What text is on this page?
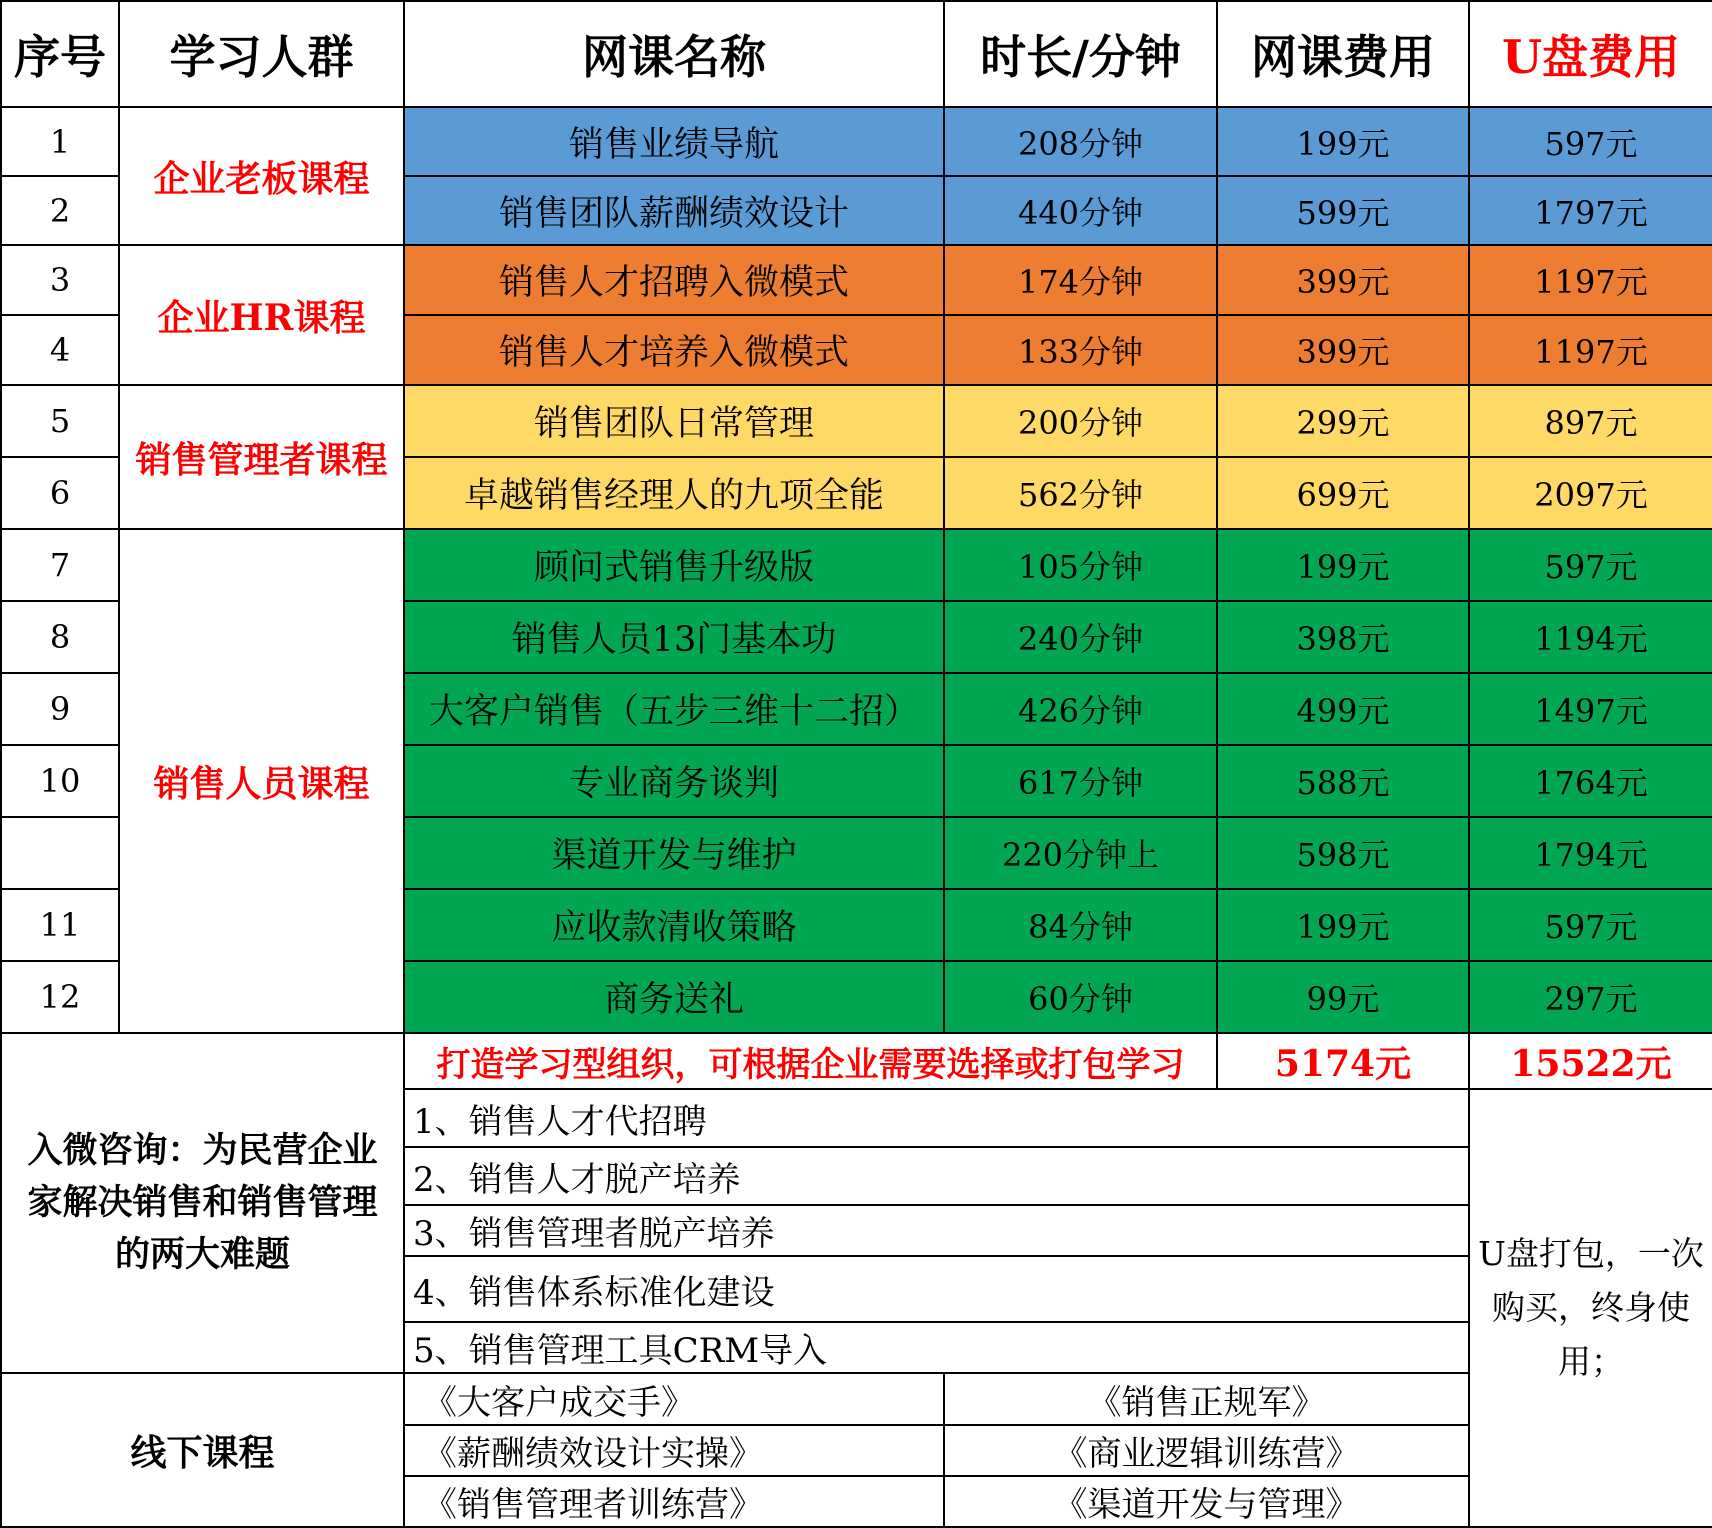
序号	学习人群	网课名称	时长/分钟	网课费用	U盘费用
1	企业老板课程	销售业绩导航	208分钟	199元	597元
2		销售团队薪酬绩效设计	440分钟	599元	1797元
3	企业HR课程	销售人才招聘入微模式	174分钟	399元	1197元
4		销售人才培养入微模式	133分钟	399元	1197元
5	销售管理者课程	销售团队日常管理	200分钟	299元	897元
6		卓越销售经理人的九项全能	562分钟	699元	2097元
7	销售人员课程	顾问式销售升级版	105分钟	199元	597元
8		销售人员13门基本功	240分钟	398元	1194元
9		大客户销售（五步三维十二招）	426分钟	499元	1497元
10		专业商务谈判	617分钟	588元	1764元
		渠道开发与维护	220分钟上	598元	1794元
11		应收款清收策略	84分钟	199元	597元
12		商务送礼	60分钟	99元	297元
入微咨询：为民营企业家解决销售和销售管理的两大难题		打造学习型组织，可根据企业需要选择或打包学习		5174元	15522元
		1、销售人才代招聘			U盘打包，一次购买，终身使用；
		2、销售人才脱产培养			
		3、销售管理者脱产培养			
		4、销售体系标准化建设			
		5、销售管理工具CRM导入			
线下课程		《大客户成交手》	《销售正规军》		
		《薪酬绩效设计实操》	《商业逻辑训练营》		
		《销售管理者训练营》	《渠道开发与管理》		
